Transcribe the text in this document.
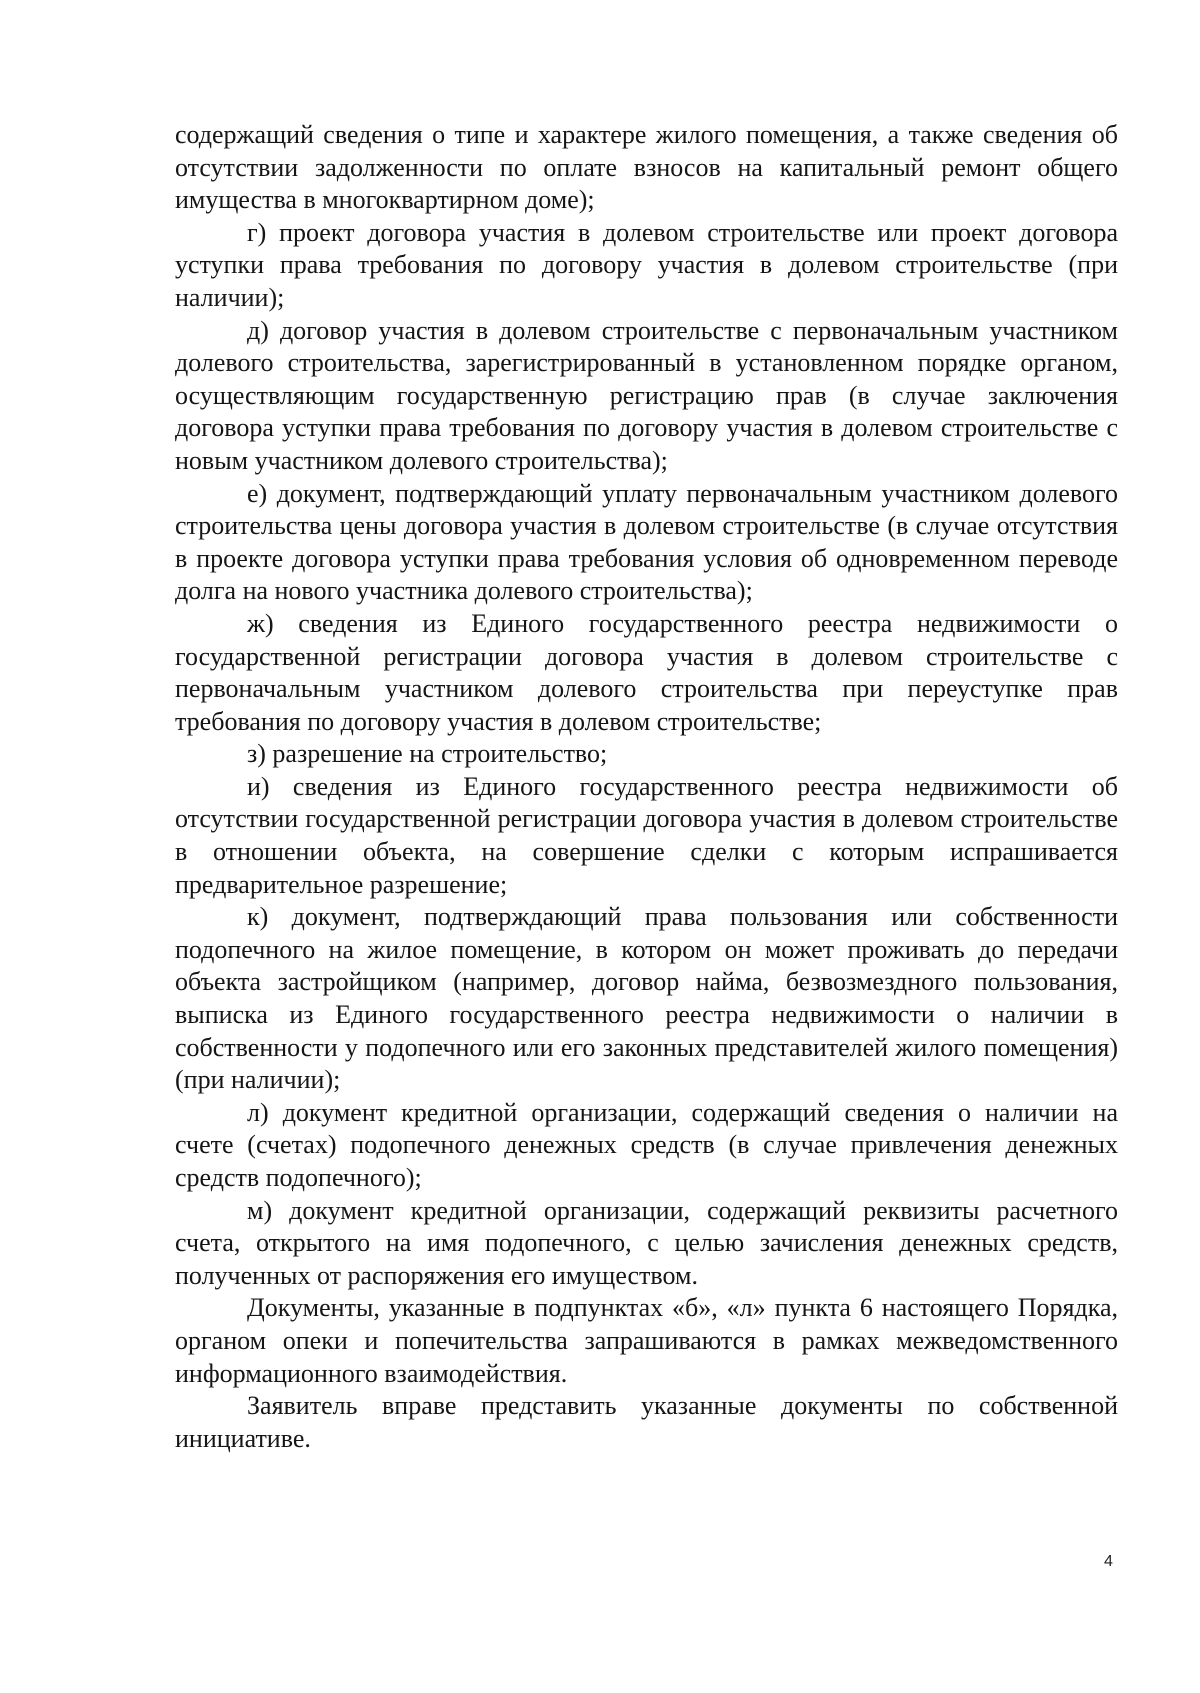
содержащий сведения о типе и характере жилого помещения, а также сведения об отсутствии задолженности по оплате взносов на капитальный ремонт общего имущества в многоквартирном доме);

г) проект договора участия в долевом строительстве или проект договора уступки права требования по договору участия в долевом строительстве (при наличии);

д) договор участия в долевом строительстве с первоначальным участником долевого строительства, зарегистрированный в установленном порядке органом, осуществляющим государственную регистрацию прав (в случае заключения договора уступки права требования по договору участия в долевом строительстве с новым участником долевого строительства);

е) документ, подтверждающий уплату первоначальным участником долевого строительства цены договора участия в долевом строительстве (в случае отсутствия в проекте договора уступки права требования условия об одновременном переводе долга на нового участника долевого строительства);

ж) сведения из Единого государственного реестра недвижимости о государственной регистрации договора участия в долевом строительстве с первоначальным участником долевого строительства при переуступке прав требования по договору участия в долевом строительстве;

з) разрешение на строительство;

и) сведения из Единого государственного реестра недвижимости об отсутствии государственной регистрации договора участия в долевом строительстве в отношении объекта, на совершение сделки с которым испрашивается предварительное разрешение;

к) документ, подтверждающий права пользования или собственности подопечного на жилое помещение, в котором он может проживать до передачи объекта застройщиком (например, договор найма, безвозмездного пользования, выписка из Единого государственного реестра недвижимости о наличии в собственности у подопечного или его законных представителей жилого помещения) (при наличии);

л) документ кредитной организации, содержащий сведения о наличии на счете (счетах) подопечного денежных средств (в случае привлечения денежных средств подопечного);

м) документ кредитной организации, содержащий реквизиты расчетного счета, открытого на имя подопечного, с целью зачисления денежных средств, полученных от распоряжения его имуществом.

Документы, указанные в подпунктах «б», «л» пункта 6 настоящего Порядка, органом опеки и попечительства запрашиваются в рамках межведомственного информационного взаимодействия.

Заявитель вправе представить указанные документы по собственной инициативе.

4
